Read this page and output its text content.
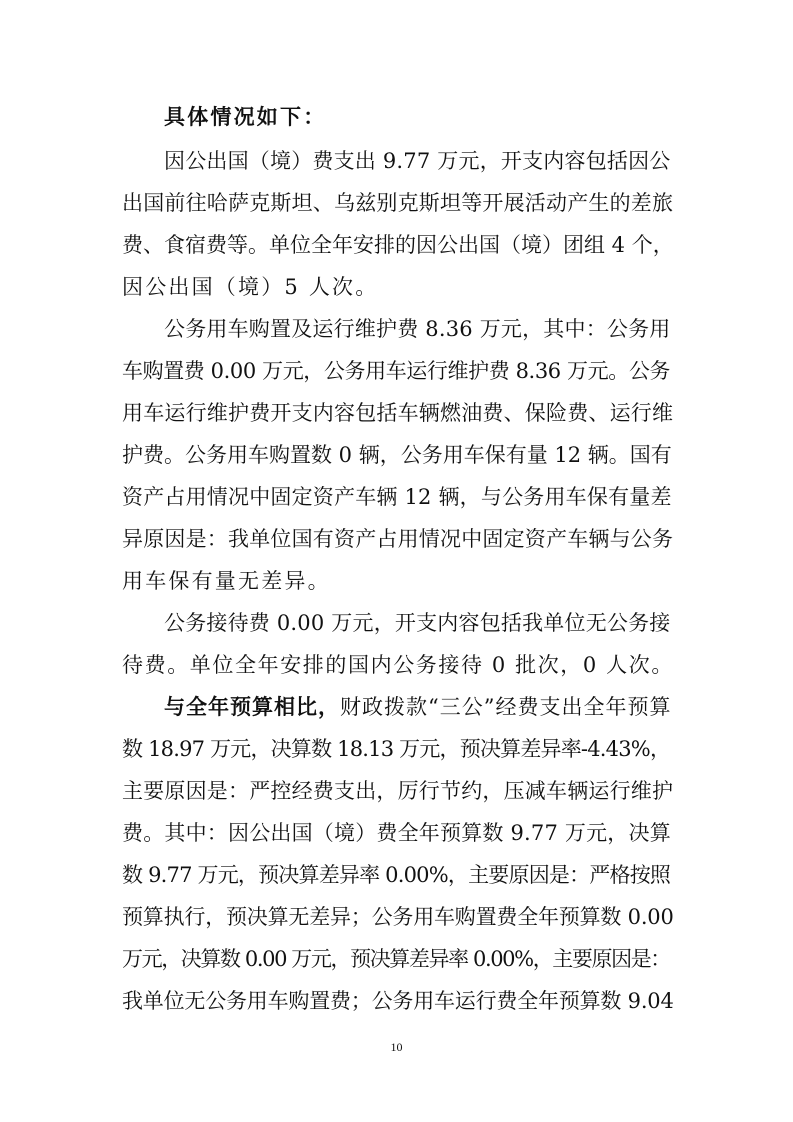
具体情况如下：
因公出国（境）费支出 9.77 万元，开支内容包括因公
出国前往哈萨克斯坦、乌兹别克斯坦等开展活动产生的差旅
费、食宿费等。单位全年安排的因公出国（境）团组 4 个，
因公出国（境）5 人次。
公务用车购置及运行维护费 8.36 万元，其中：公务用
车购置费 0.00 万元，公务用车运行维护费 8.36 万元。公务
用车运行维护费开支内容包括车辆燃油费、保险费、运行维
护费。公务用车购置数 0 辆，公务用车保有量 12 辆。国有
资产占用情况中固定资产车辆 12 辆，与公务用车保有量差
异原因是：我单位国有资产占用情况中固定资产车辆与公务
用车保有量无差异。
公务接待费 0.00 万元，开支内容包括我单位无公务接
待费。单位全年安排的国内公务接待 0 批次，0 人次。
与全年预算相比，财政拨款“三公”经费支出全年预算
数 18.97 万元，决算数 18.13 万元，预决算差异率-4.43%，
主要原因是：严控经费支出，厉行节约，压减车辆运行维护
费。其中：因公出国（境）费全年预算数 9.77 万元，决算
数 9.77 万元，预决算差异率 0.00%，主要原因是：严格按照
预算执行，预决算无差异；公务用车购置费全年预算数 0.00
万元，决算数 0.00 万元，预决算差异率 0.00%，主要原因是：
我单位无公务用车购置费；公务用车运行费全年预算数 9.04
10
